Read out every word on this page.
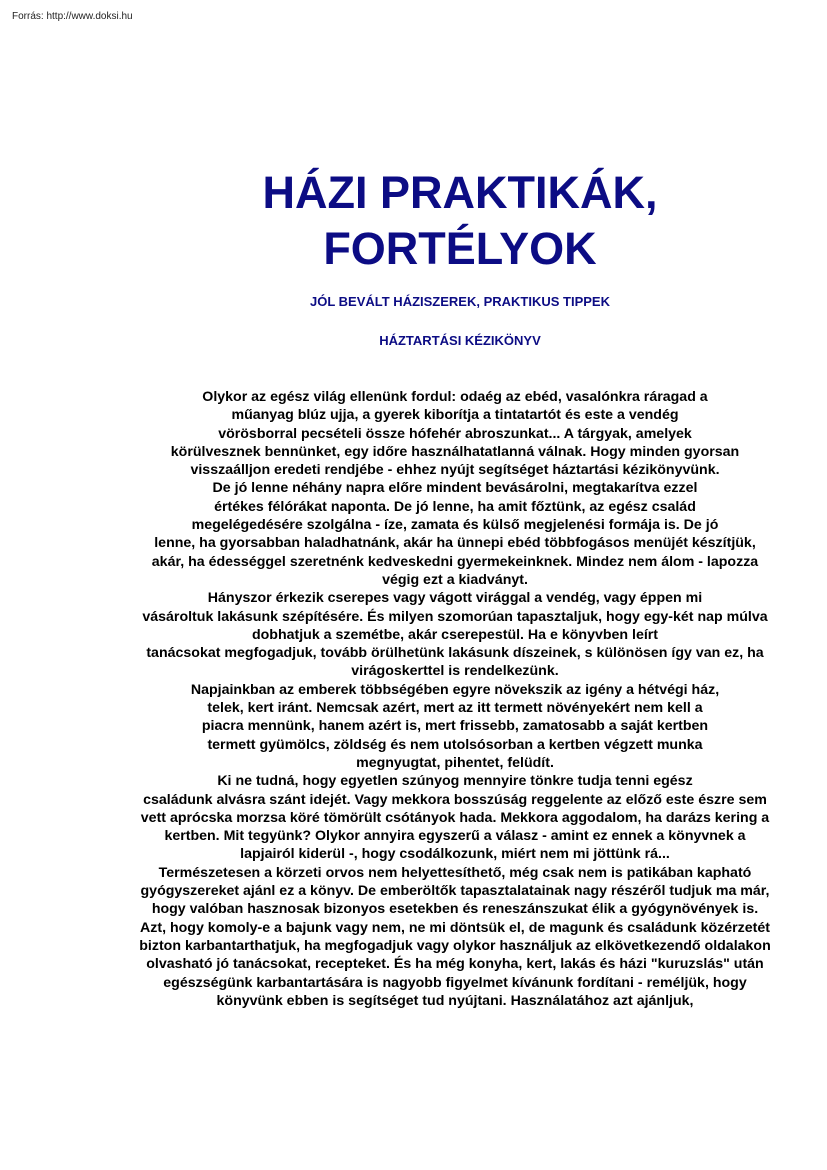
Forrás: http://www.doksi.hu

HÁZI PRAKTIKÁK,

FORTÉLYOK

JÓL BEVÁLT HÁZISZEREK, PRAKTIKUS TIPPEK

HÁZTARTÁSI KÉZIKÖNYV

Olykor az egész világ ellenünk fordul: odaég az ebéd, vasalónkra ráragad a
műanyag blúz ujja, a gyerek kiborítja a tintatartót és este a vendég
vörösborral pecsételi össze hófehér abroszunkat... A tárgyak, amelyek
körülvesznek bennünket, egy időre használhatatlanná válnak. Hogy minden gyorsan
visszaálljon eredeti rendjébe - ehhez nyújt segítséget háztartási kézikönyvünk.
De jó lenne néhány napra előre mindent bevásárolni, megtakarítva ezzel
értékes félórákat naponta. De jó lenne, ha amit főztünk, az egész család
megelégedésére szolgálna - íze, zamata és külső megjelenési formája is. De jó
lenne, ha gyorsabban haladhatnánk, akár ha ünnepi ebéd többfogásos menüjét készítjük,
akár, ha édességgel szeretnénk kedveskedni gyermekeinknek. Mindez nem álom - lapozza
végig ezt a kiadványt.
Hányszor érkezik cserepes vagy vágott virággal a vendég, vagy éppen mi
vásároltuk lakásunk szépítésére. És milyen szomorúan tapasztaljuk, hogy egy-két nap múlva
dobhatjuk a szemétbe, akár cserepestül. Ha e könyvben leírt
tanácsokat megfogadjuk, tovább örülhetünk lakásunk díszeinek, s különösen így van ez, ha
virágoskerttel is rendelkezünk.
Napjainkban az emberek többségében egyre növekszik az igény a hétvégi ház,
telek, kert iránt. Nemcsak azért, mert az itt termett növényekért nem kell a
piacra mennünk, hanem azért is, mert frissebb, zamatosabb a saját kertben
termett gyümölcs, zöldség és nem utolsósorban a kertben végzett munka
megnyugtat, pihentet, felüdít.
Ki ne tudná, hogy egyetlen szúnyog mennyire tönkre tudja tenni egész
családunk alvásra szánt idejét. Vagy mekkora bosszúság reggelente az előző este észre sem
vett aprócska morzsa köré tömörült csótányok hada. Mekkora aggodalom, ha darázs kering a
kertben. Mit tegyünk? Olykor annyira egyszerű a válasz - amint ez ennek a könyvnek a
lapjairól kiderül -, hogy csodálkozunk, miért nem mi jöttünk rá...
Természetesen a körzeti orvos nem helyettesíthető, még csak nem is patikában kapható
gyógyszereket ajánl ez a könyv. De emberöltők tapasztalatainak nagy részéről tudjuk ma már,
hogy valóban hasznosak bizonyos esetekben és reneszánszukat élik a gyógynövények is.
Azt, hogy komoly-e a bajunk vagy nem, ne mi döntsük el, de magunk és családunk közérzetét
bizton karbantarthatjuk, ha megfogadjuk vagy olykor használjuk az elkövetkezendő oldalakon
olvasható jó tanácsokat, recepteket. És ha még konyha, kert, lakás és házi "kuruzslás" után
egészségünk karbantartására is nagyobb figyelmet kívánunk fordítani - reméljük, hogy
könyvünk ebben is segítséget tud nyújtani. Használatához azt ajánljuk,
